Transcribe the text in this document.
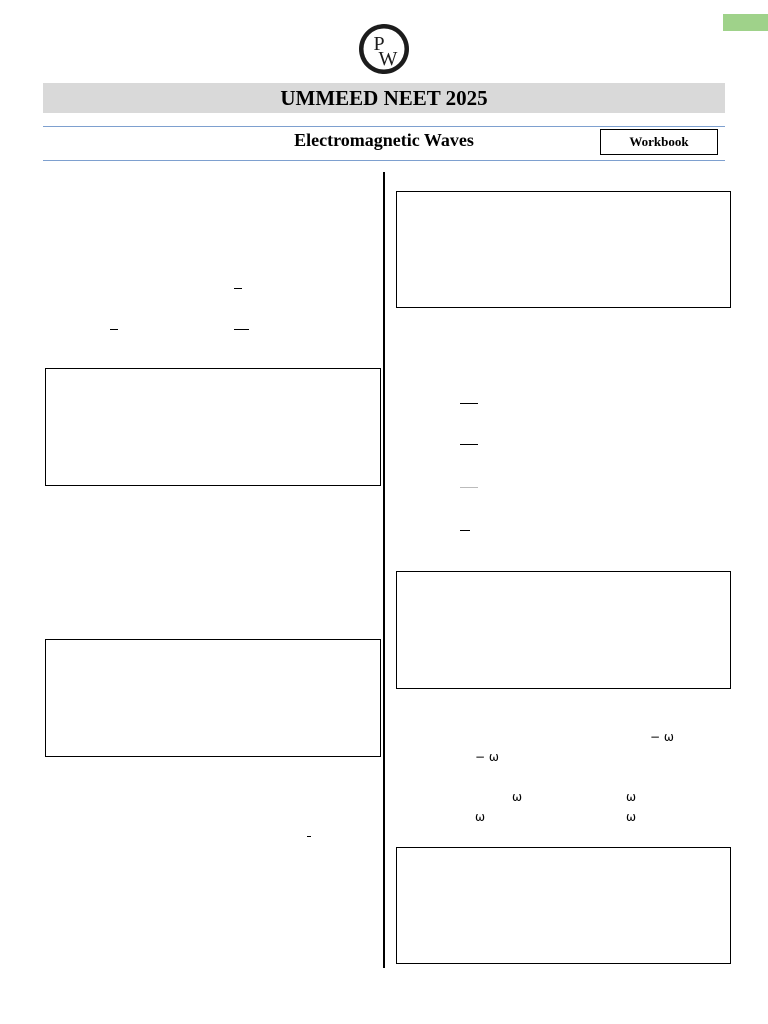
P
W
UMMEED NEET 2025
Electromagnetic Waves	Workbook
− ω
− ω
ω	ω
ω	ω
